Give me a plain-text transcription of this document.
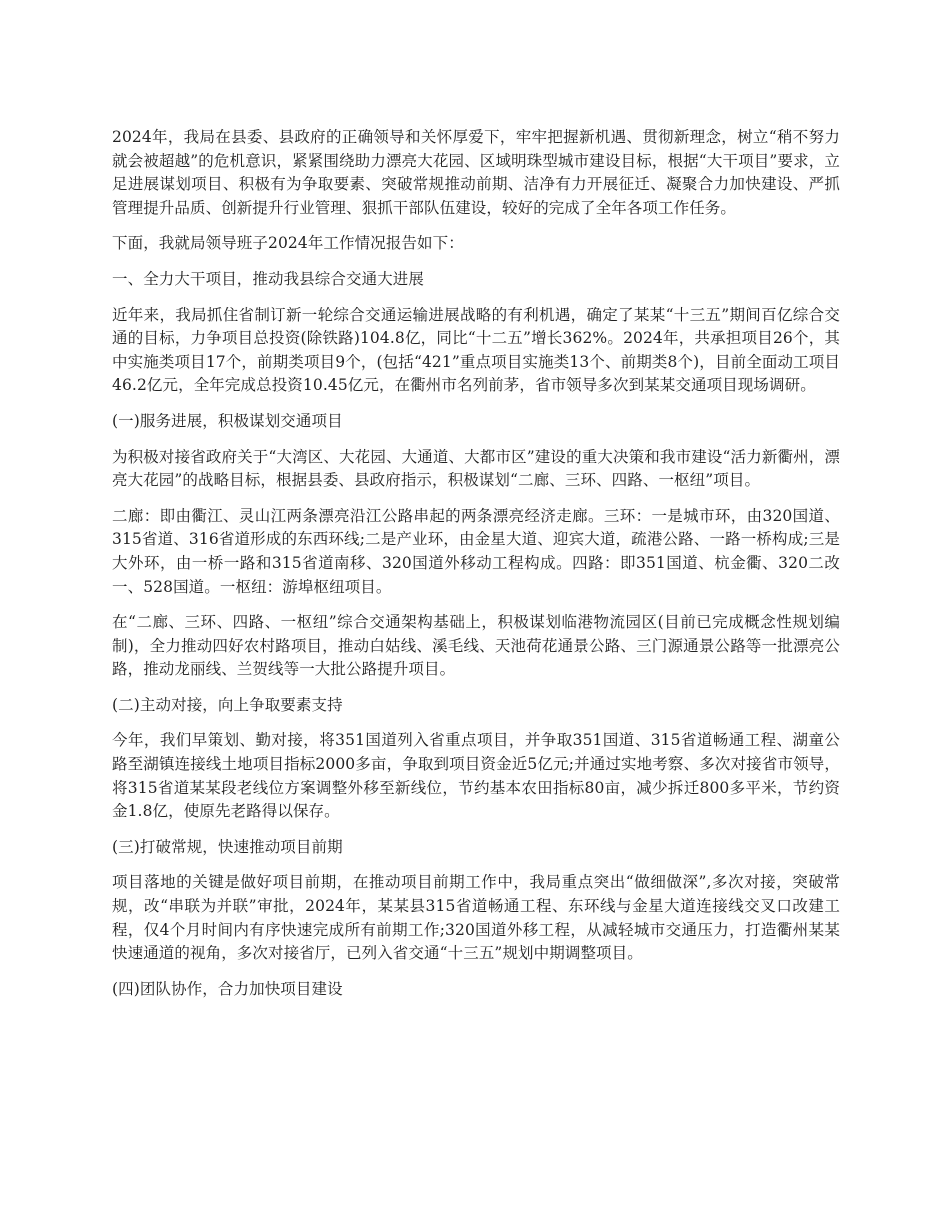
2024年，我局在县委、县政府的正确领导和关怀厚爱下，牢牢把握新机遇、贯彻新理念，树立“稍不努力就会被超越”的危机意识，紧紧围绕助力漂亮大花园、区域明珠型城市建设目标，根据“大干项目”要求，立足进展谋划项目、积极有为争取要素、突破常规推动前期、洁净有力开展征迁、凝聚合力加快建设、严抓管理提升品质、创新提升行业管理、狠抓干部队伍建设，较好的完成了全年各项工作任务。

下面，我就局领导班子2024年工作情况报告如下：

一、全力大干项目，推动我县综合交通大进展

近年来，我局抓住省制订新一轮综合交通运输进展战略的有利机遇，确定了某某“十三五”期间百亿综合交通的目标，力争项目总投资(除铁路)104.8亿，同比“十二五”增长362%。2024年，共承担项目26个，其中实施类项目17个，前期类项目9个，(包括“421”重点项目实施类13个、前期类8个)，目前全面动工项目46.2亿元，全年完成总投资10.45亿元，在衢州市名列前茅，省市领导多次到某某交通项目现场调研。

(一)服务进展，积极谋划交通项目

为积极对接省政府关于“大湾区、大花园、大通道、大都市区”建设的重大决策和我市建设“活力新衢州，漂亮大花园”的战略目标，根据县委、县政府指示，积极谋划“二廊、三环、四路、一枢纽”项目。

二廊：即由衢江、灵山江两条漂亮沿江公路串起的两条漂亮经济走廊。三环：一是城市环，由320国道、315省道、316省道形成的东西环线;二是产业环，由金星大道、迎宾大道，疏港公路、一路一桥构成;三是大外环，由一桥一路和315省道南移、320国道外移动工程构成。四路：即351国道、杭金衢、320二改一、528国道。一枢纽：游埠枢纽项目。

在“二廊、三环、四路、一枢纽”综合交通架构基础上，积极谋划临港物流园区(目前已完成概念性规划编制)，全力推动四好农村路项目，推动白姑线、溪毛线、天池荷花通景公路、三门源通景公路等一批漂亮公路，推动龙丽线、兰贺线等一大批公路提升项目。

(二)主动对接，向上争取要素支持

今年，我们早策划、勤对接，将351国道列入省重点项目，并争取351国道、315省道畅通工程、湖童公路至湖镇连接线土地项目指标2000多亩，争取到项目资金近5亿元;并通过实地考察、多次对接省市领导，将315省道某某段老线位方案调整外移至新线位，节约基本农田指标80亩，减少拆迁800多平米，节约资金1.8亿，使原先老路得以保存。

(三)打破常规，快速推动项目前期

项目落地的关键是做好项目前期，在推动项目前期工作中，我局重点突出“做细做深”,多次对接，突破常规，改“串联为并联”审批，2024年，某某县315省道畅通工程、东环线与金星大道连接线交叉口改建工程，仅4个月时间内有序快速完成所有前期工作;320国道外移工程，从减轻城市交通压力，打造衢州某某快速通道的视角，多次对接省厅，已列入省交通“十三五”规划中期调整项目。

(四)团队协作，合力加快项目建设
